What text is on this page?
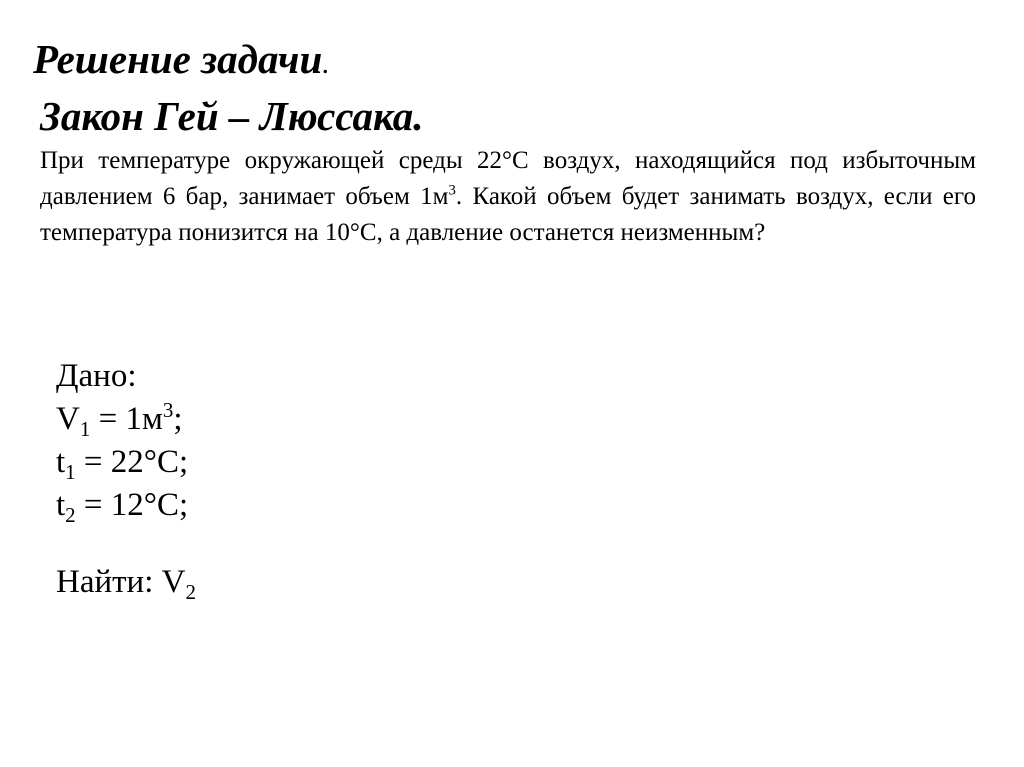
Решение задачи.
Закон Гей – Люссака.
При температуре окружающей среды 22°С воздух, находящийся под избыточным давлением 6 бар, занимает объем $1м^3$. Какой объем будет занимать воздух, если его температура понизится на 10°С, а давление останется неизменным?
Дано:
$V_1 = 1м^3$;
$t_1 = 22^\circ С$;
$t_2 = 12^\circ С$;
Найти: $V_2$
